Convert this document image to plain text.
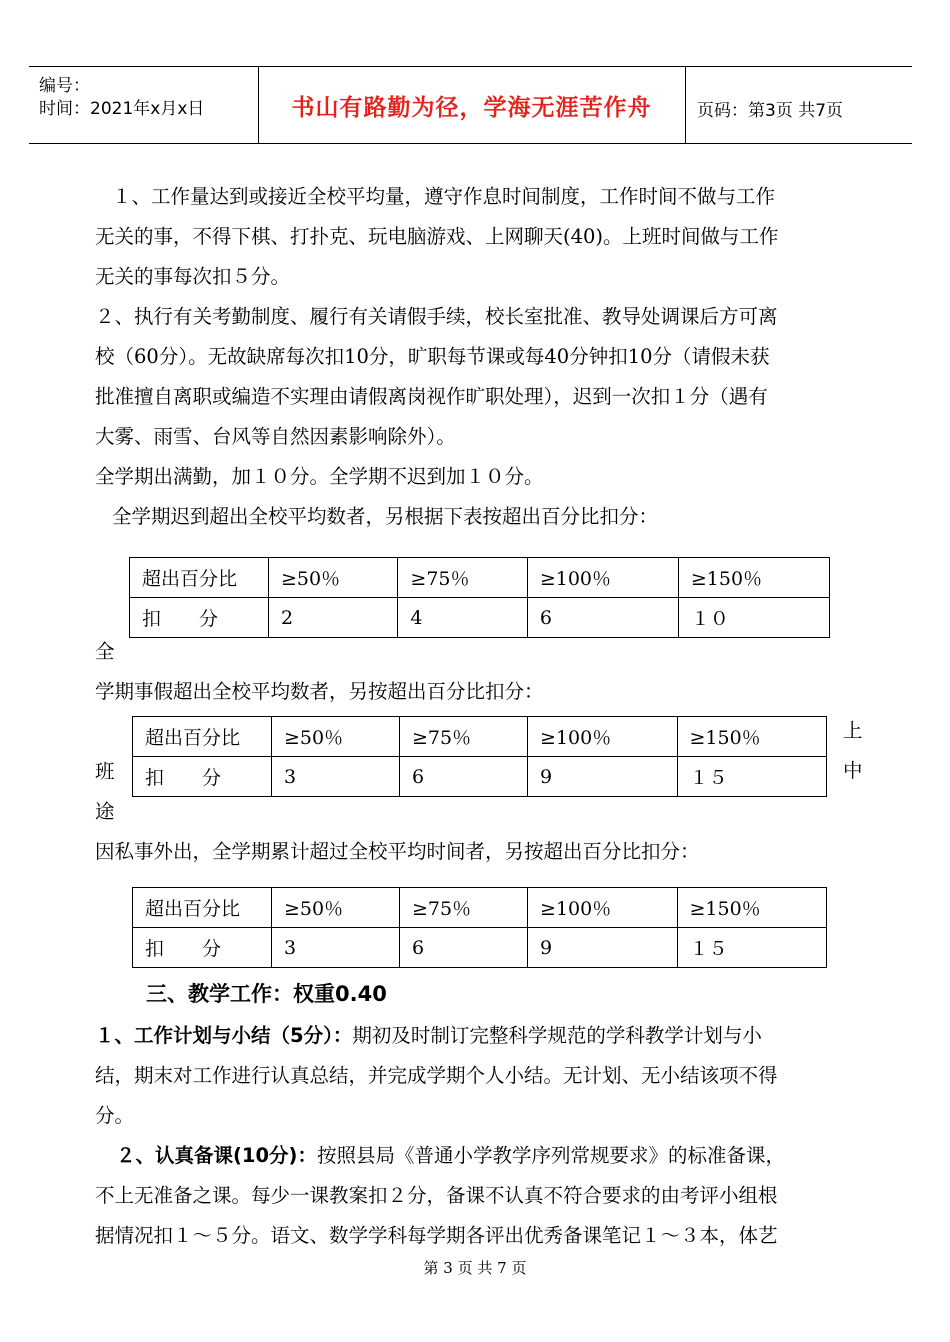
编号：
时间：2021年x月x日	书山有路勤为径，学海无涯苦作舟	页码：第3页 共7页
１、工作量达到或接近全校平均量，遵守作息时间制度，工作时间不做与工作
无关的事，不得下棋、打扑克、玩电脑游戏、上网聊天(40)。上班时间做与工作
无关的事每次扣５分。
２、执行有关考勤制度、履行有关请假手续，校长室批准、教导处调课后方可离
校（60分）。无故缺席每次扣10分，旷职每节课或每40分钟扣10分（请假未获
批准擅自离职或编造不实理由请假离岗视作旷职处理），迟到一次扣１分（遇有
大雾、雨雪、台风等自然因素影响除外）。
全学期出满勤，加１０分。全学期不迟到加１０分。
全学期迟到超出全校平均数者，另根据下表按超出百分比扣分：
超出百分比	≥50％	≥75％	≥100％	≥150％
扣　　分	2	4	6	１０
全
学期事假超出全校平均数者，另按超出百分比扣分：
超出百分比	≥50％	≥75％	≥100％	≥150％
扣　　分	3	6	9	１５
班
途
上
中
因私事外出，全学期累计超过全校平均时间者，另按超出百分比扣分：
超出百分比	≥50％	≥75％	≥100％	≥150％
扣　　分	3	6	9	１５
三、教学工作：权重0.40
１、工作计划与小结（5分）：期初及时制订完整科学规范的学科教学计划与小
结，期末对工作进行认真总结，并完成学期个人小结。无计划、无小结该项不得
分。
２、认真备课(10分)：按照县局《普通小学教学序列常规要求》的标准备课，
不上无准备之课。每少一课教案扣２分，备课不认真不符合要求的由考评小组根
据情况扣１～５分。语文、数学学科每学期各评出优秀备课笔记１～３本，体艺
第 3 页 共 7 页
